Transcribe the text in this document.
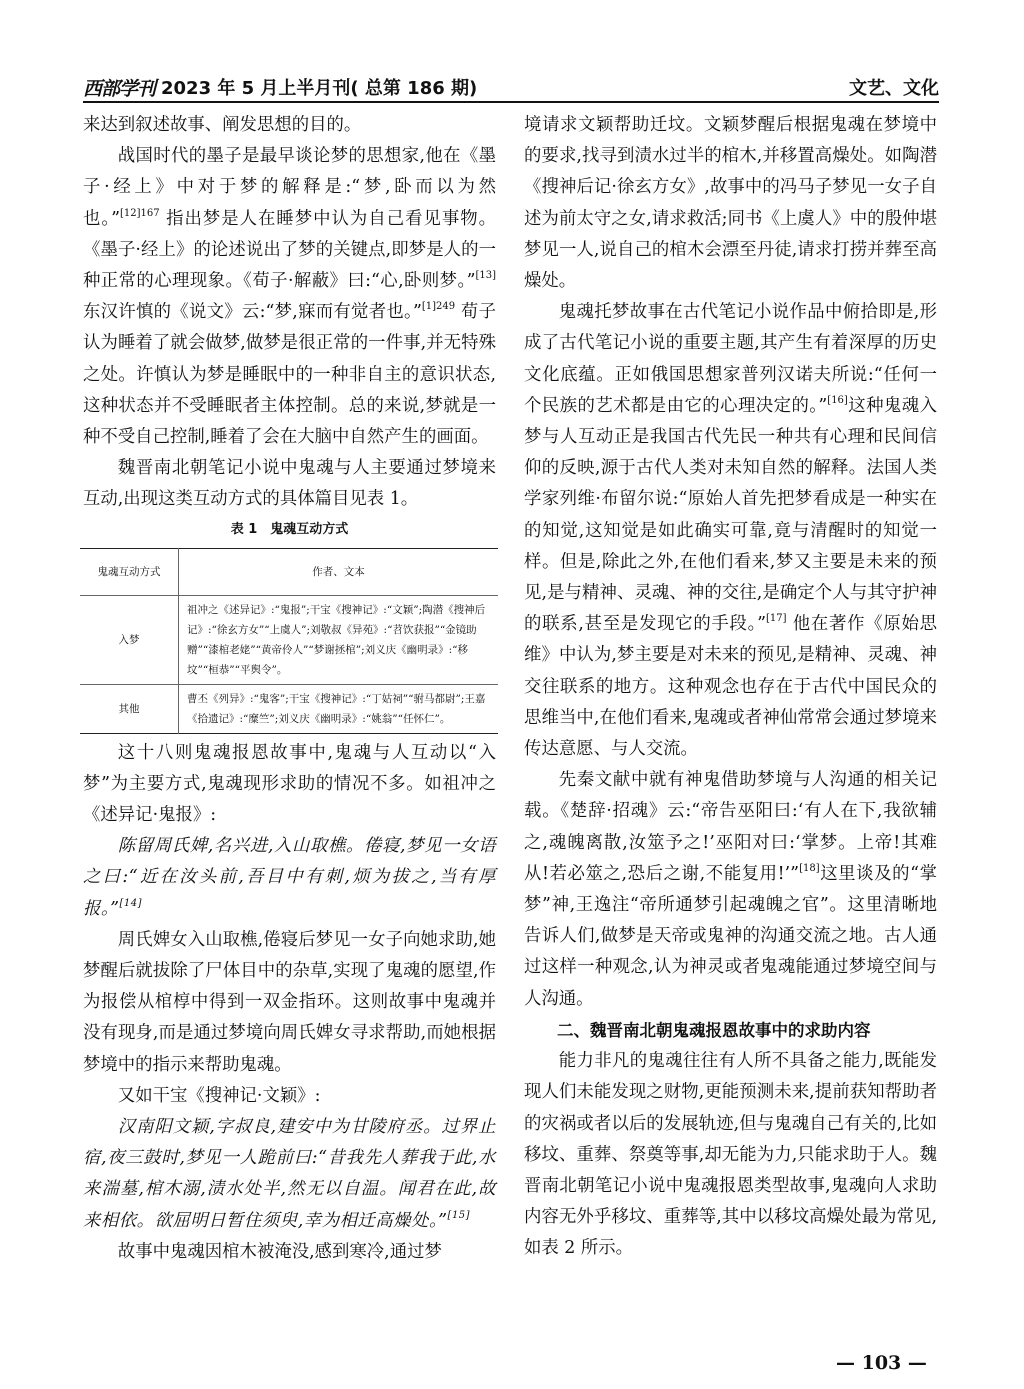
西部学刊 2023 年 5 月上半月刊( 总第 186 期)	文艺、文化

来达到叙述故事、阐发思想的目的。

战国时代的墨子是最早谈论梦的思想家,他在《墨子·经上》中对于梦的解释是:“梦,卧而以为然也。”$^{[12]167}$ 指出梦是人在睡梦中认为自己看见事物。《墨子·经上》的论述说出了梦的关键点,即梦是人的一种正常的心理现象。《荀子·解蔽》曰:“心,卧则梦。”[13] 东汉许慎的《说文》云:“梦,寐而有觉者也。”$^{[1]249}$ 荀子认为睡着了就会做梦,做梦是很正常的一件事,并无特殊之处。许慎认为梦是睡眠中的一种非自主的意识状态,这种状态并不受睡眠者主体控制。总的来说,梦就是一种不受自己控制,睡着了会在大脑中自然产生的画面。

魏晋南北朝笔记小说中鬼魂与人主要通过梦境来互动,出现这类互动方式的具体篇目见表 1。

表 1　鬼魂互动方式
鬼魂互动方式	作者、文本
入梦	祖冲之《述异记》:“鬼报”;干宝《搜神记》:“文颖”;陶潜《搜神后记》:“徐玄方女”“上虞人”;刘敬叔《异苑》:“苕饮获报”“金镜助赠”“漆棺老姥”“黄帝伶人”“梦谢拯棺”;刘义庆《幽明录》:“移坟”“桓恭”“平舆令”。
其他	曹丕《列异》:“鬼客”;干宝《搜神记》:“丁姑祠”“驸马都尉”;王嘉《拾遗记》:“糜竺”;刘义庆《幽明录》:“姚翁”“任怀仁”。

这十八则鬼魂报恩故事中,鬼魂与人互动以“入梦”为主要方式,鬼魂现形求助的情况不多。如祖冲之《述异记·鬼报》:

陈留周氏婢,名兴进,入山取樵。倦寝,梦见一女语之曰:“近在汝头前,吾目中有刺,烦为拔之,当有厚报。”[14]

周氏婢女入山取樵,倦寝后梦见一女子向她求助,她梦醒后就拔除了尸体目中的杂草,实现了鬼魂的愿望,作为报偿从棺椁中得到一双金指环。这则故事中鬼魂并没有现身,而是通过梦境向周氏婢女寻求帮助,而她根据梦境中的指示来帮助鬼魂。

又如干宝《搜神记·文颖》:

汉南阳文颖,字叔良,建安中为甘陵府丞。过界止宿,夜三鼓时,梦见一人跪前曰:“昔我先人葬我于此,水来湍墓,棺木溺,渍水处半,然无以自温。闻君在此,故来相依。欲屈明日暂住须臾,幸为相迁高燥处。”[15]

故事中鬼魂因棺木被淹没,感到寒冷,通过梦

境请求文颖帮助迁坟。文颖梦醒后根据鬼魂在梦境中的要求,找寻到渍水过半的棺木,并移置高燥处。如陶潜《搜神后记·徐玄方女》,故事中的冯马子梦见一女子自述为前太守之女,请求救活;同书《上虞人》中的殷仲堪梦见一人,说自己的棺木会漂至丹徒,请求打捞并葬至高燥处。

鬼魂托梦故事在古代笔记小说作品中俯拾即是,形成了古代笔记小说的重要主题,其产生有着深厚的历史文化底蕴。正如俄国思想家普列汉诺夫所说:“任何一个民族的艺术都是由它的心理决定的。”[16]这种鬼魂入梦与人互动正是我国古代先民一种共有心理和民间信仰的反映,源于古代人类对未知自然的解释。法国人类学家列维·布留尔说:“原始人首先把梦看成是一种实在的知觉,这知觉是如此确实可靠,竟与清醒时的知觉一样。但是,除此之外,在他们看来,梦又主要是未来的预见,是与精神、灵魂、神的交往,是确定个人与其守护神的联系,甚至是发现它的手段。”[17] 他在著作《原始思维》中认为,梦主要是对未来的预见,是精神、灵魂、神交往联系的地方。这种观念也存在于古代中国民众的思维当中,在他们看来,鬼魂或者神仙常常会通过梦境来传达意愿、与人交流。

先秦文献中就有神鬼借助梦境与人沟通的相关记载。《楚辞·招魂》云:“帝告巫阳曰:‘有人在下,我欲辅之,魂魄离散,汝筮予之!’巫阳对曰:‘掌梦。上帝!其难从!若必筮之,恐后之谢,不能复用!’”[18]这里谈及的“掌梦”神,王逸注“帝所通梦引起魂魄之官”。这里清晰地告诉人们,做梦是天帝或鬼神的沟通交流之地。古人通过这样一种观念,认为神灵或者鬼魂能通过梦境空间与人沟通。

二、魏晋南北朝鬼魂报恩故事中的求助内容

能力非凡的鬼魂往往有人所不具备之能力,既能发现人们未能发现之财物,更能预测未来,提前获知帮助者的灾祸或者以后的发展轨迹,但与鬼魂自己有关的,比如移坟、重葬、祭奠等事,却无能为力,只能求助于人。魏晋南北朝笔记小说中鬼魂报恩类型故事,鬼魂向人求助内容无外乎移坟、重葬等,其中以移坟高燥处最为常见,如表 2 所示。

— 103 —
